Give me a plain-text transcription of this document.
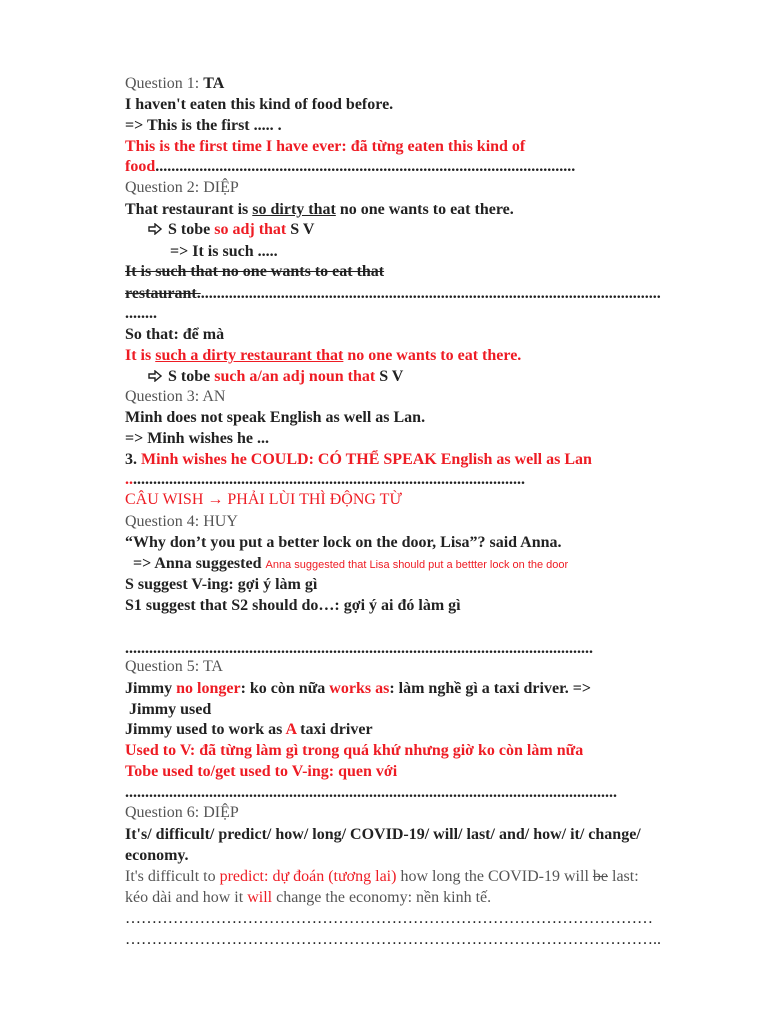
Question 1: TA
I haven't eaten this kind of food before.
=> This is the first ..... .
This is the first time I have ever: đã từng eaten this kind of
food.........................................................................................................
Question 2: DIỆP
That restaurant is so dirty that no one wants to eat there.
S tobe so adj that S V
=> It is such .....
It is such that no one wants to eat that
restaurant....................................................................................................................
........
So that: để mà
It is such a dirty restaurant that no one wants to eat there.
S tobe such a/an adj noun that S V
Question 3: AN
Minh does not speak English as well as Lan.
=> Minh wishes he ...
3. Minh wishes he COULD: CÓ THỂ SPEAK English as well as Lan
....................................................................................................
CÂU WISH → PHẢI LÙI THÌ ĐỘNG TỪ
Question 4: HUY
“Why don’t you put a better lock on the door, Lisa”? said Anna.
=> Anna suggested Anna suggested that Lisa should put a bettter lock on the door
S suggest V-ing: gợi ý làm gì
S1 suggest that S2 should do…: gợi ý ai đó làm gì
.....................................................................................................................
Question 5: TA
Jimmy no longer: ko còn nữa works as: làm nghề gì a taxi driver. =>
Jimmy used
Jimmy used to work as A taxi driver
Used to V: đã từng làm gì trong quá khứ nhưng giờ ko còn làm nữa
Tobe used to/get used to V-ing: quen với
...........................................................................................................................
Question 6: DIỆP
It's/ difficult/ predict/ how/ long/ COVID-19/ will/ last/ and/ how/ it/ change/
economy.
It's difficult to predict: dự đoán (tương lai) how long the COVID-19 will be last:
kéo dài and how it will change the economy: nền kinh tế.
………………………………………………………………………………………
………………………………………………………………………………………..
